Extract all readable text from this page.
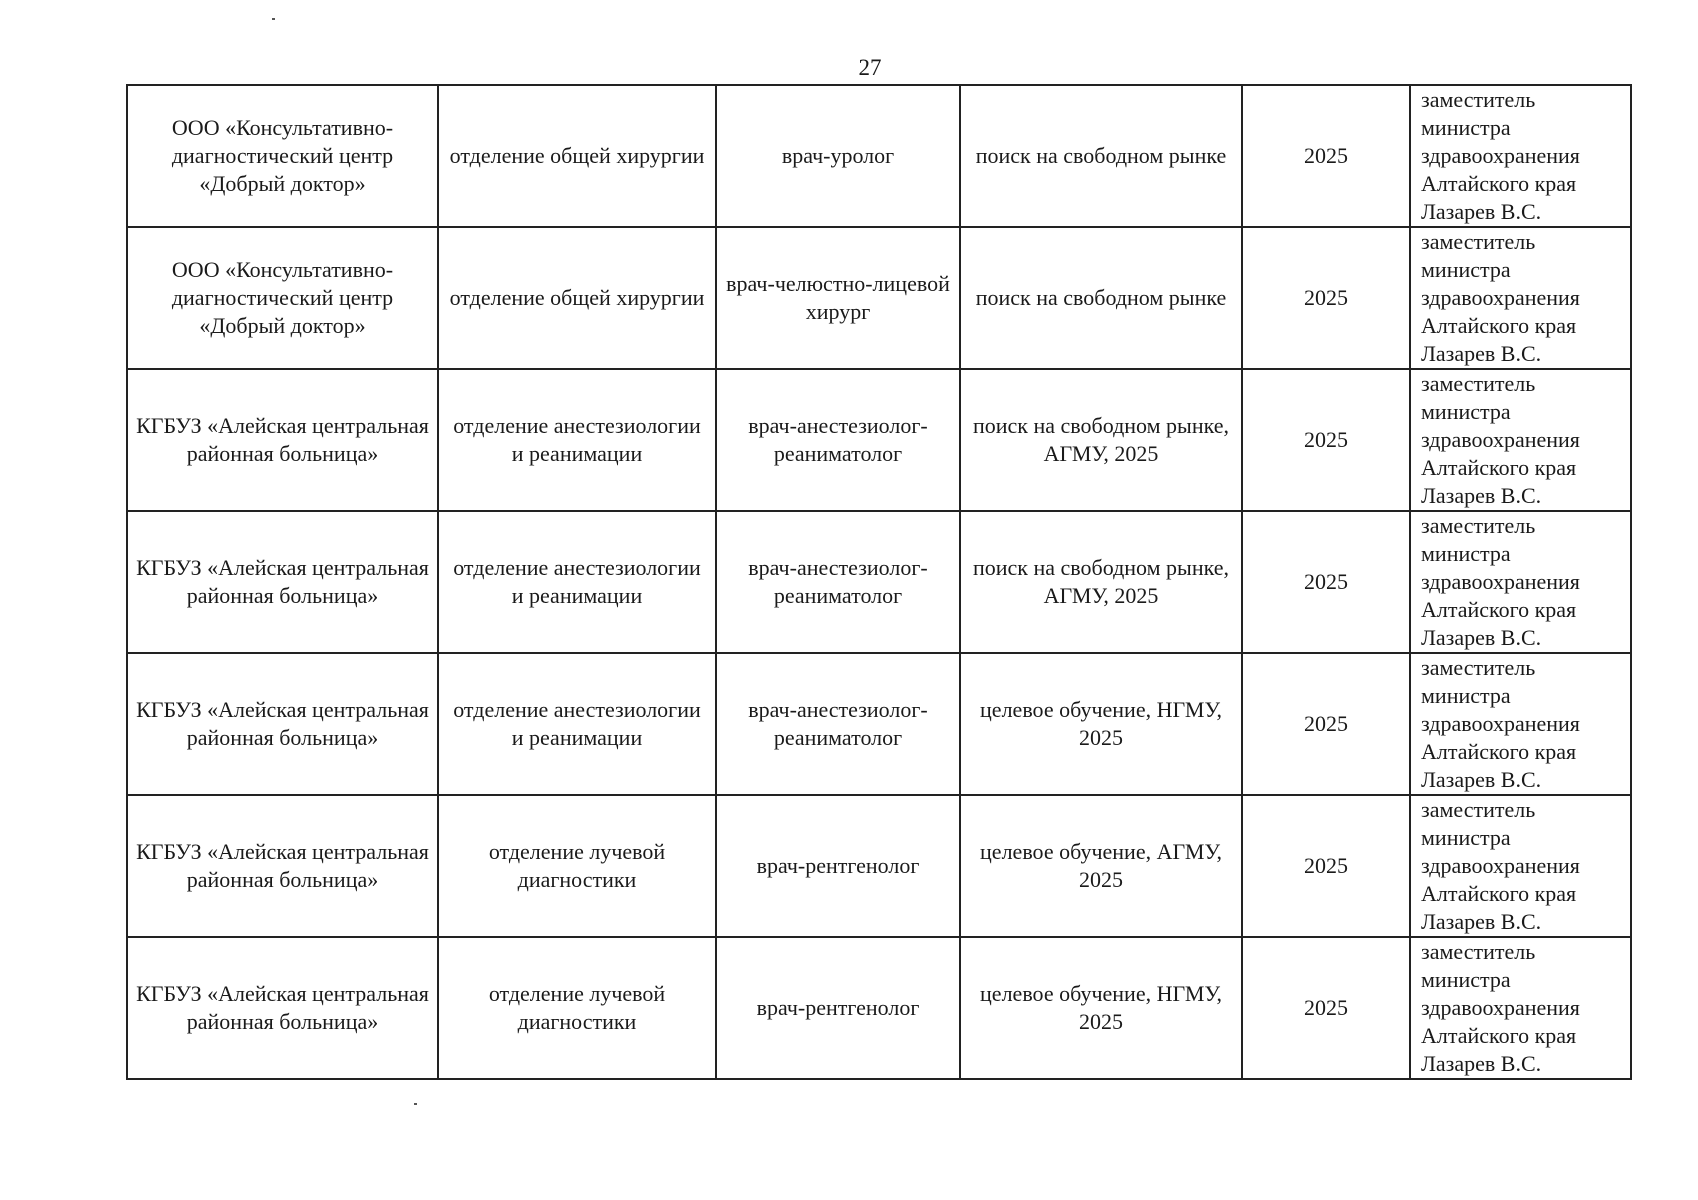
27
ООО «Консультативно-диагностический центр «Добрый доктор»	отделение общей хирургии	врач-уролог	поиск на свободном рынке	2025	заместитель министра здравоохранения Алтайского края Лазарев В.С.
ООО «Консультативно-диагностический центр «Добрый доктор»	отделение общей хирургии	врач-челюстно-лицевой хирург	поиск на свободном рынке	2025	заместитель министра здравоохранения Алтайского края Лазарев В.С.
КГБУЗ «Алейская центральная районная больница»	отделение анестезиологии и реанимации	врач-анестезиолог-реаниматолог	поиск на свободном рынке, АГМУ, 2025	2025	заместитель министра здравоохранения Алтайского края Лазарев В.С.
КГБУЗ «Алейская центральная районная больница»	отделение анестезиологии и реанимации	врач-анестезиолог-реаниматолог	поиск на свободном рынке, АГМУ, 2025	2025	заместитель министра здравоохранения Алтайского края Лазарев В.С.
КГБУЗ «Алейская центральная районная больница»	отделение анестезиологии и реанимации	врач-анестезиолог-реаниматолог	целевое обучение, НГМУ, 2025	2025	заместитель министра здравоохранения Алтайского края Лазарев В.С.
КГБУЗ «Алейская центральная районная больница»	отделение лучевой диагностики	врач-рентгенолог	целевое обучение, АГМУ, 2025	2025	заместитель министра здравоохранения Алтайского края Лазарев В.С.
КГБУЗ «Алейская центральная районная больница»	отделение лучевой диагностики	врач-рентгенолог	целевое обучение, НГМУ, 2025	2025	заместитель министра здравоохранения Алтайского края Лазарев В.С.
